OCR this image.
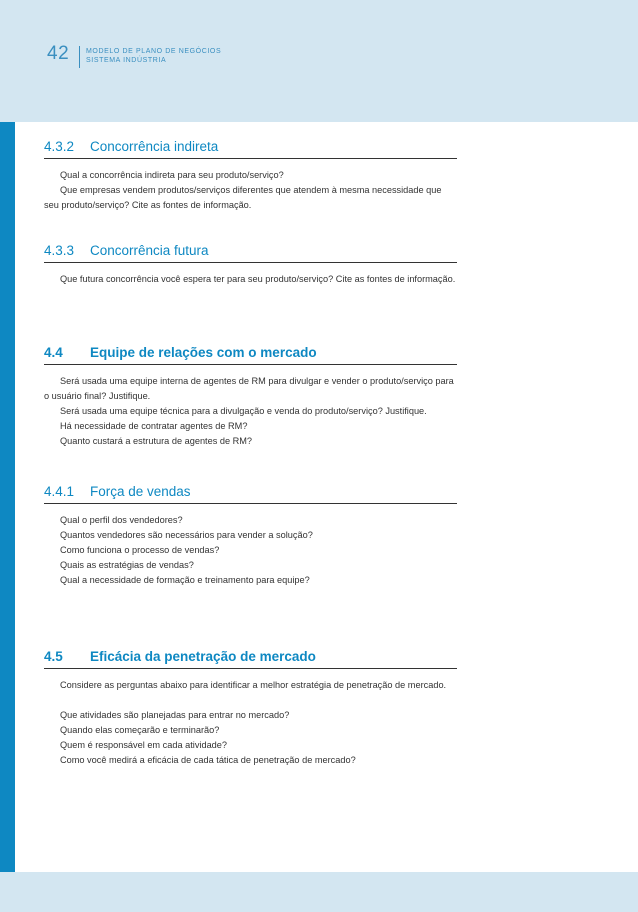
42 MODELO DE PLANO DE NEGÓCIOS
SISTEMA INDÚSTRIA
4.3.2	Concorrência indireta

Qual a concorrência indireta para seu produto/serviço?

Que empresas vendem produtos/serviços diferentes que atendem à mesma necessidade que seu produto/serviço? Cite as fontes de informação.

4.3.3	Concorrência futura

Que futura concorrência você espera ter para seu produto/serviço? Cite as fontes de informação.

4.4	Equipe de relações com o mercado

Será usada uma equipe interna de agentes de RM para divulgar e vender o produto/serviço para o usuário final? Justifique.

Será usada uma equipe técnica para a divulgação e venda do produto/serviço? Justifique.

Há necessidade de contratar agentes de RM?

Quanto custará a estrutura de agentes de RM?

4.4.1	Força de vendas

Qual o perfil dos vendedores?

Quantos vendedores são necessários para vender a solução?

Como funciona o processo de vendas?

Quais as estratégias de vendas?

Qual a necessidade de formação e treinamento para equipe?

4.5	Eficácia da penetração de mercado

Considere as perguntas abaixo para identificar a melhor estratégia de penetração de mercado.

Que atividades são planejadas para entrar no mercado?

Quando elas começarão e terminarão?

Quem é responsável em cada atividade?

Como você medirá a eficácia de cada tática de penetração de mercado?
